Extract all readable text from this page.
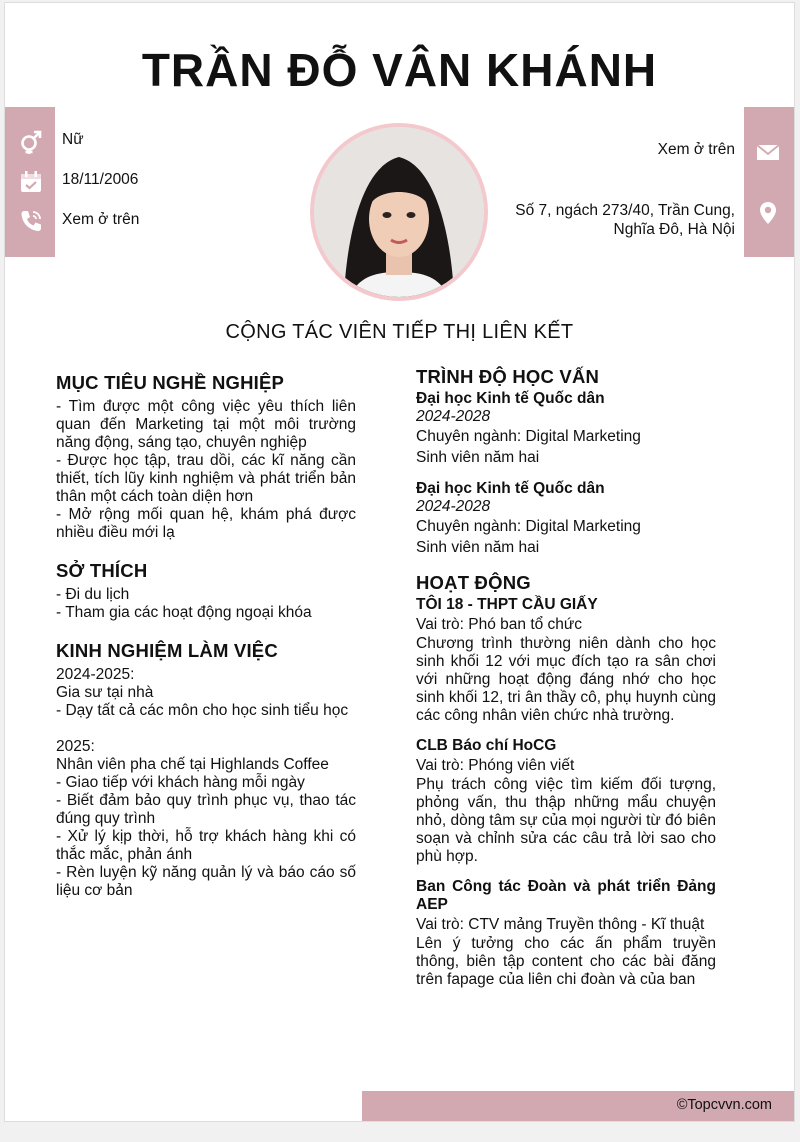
TRẦN ĐỖ VÂN KHÁNH
Nữ
18/11/2006
Xem ở trên
Xem ở trên
Số 7, ngách 273/40, Trần Cung,
Nghĩa Đô, Hà Nội
CỘNG TÁC VIÊN TIẾP THỊ LIÊN KẾT
MỤC TIÊU NGHỀ NGHIỆP
- Tìm được một công việc yêu thích liên quan đến Marketing tại một môi trường năng động, sáng tạo, chuyên nghiệp
- Được học tập, trau dồi, các kĩ năng cần thiết, tích lũy kinh nghiệm và phát triển bản thân một cách toàn diện hơn
- Mở rộng mối quan hệ, khám phá được nhiều điều mới lạ
SỞ THÍCH
- Đi du lịch
- Tham gia các hoạt động ngoại khóa
KINH NGHIỆM LÀM VIỆC
2024-2025:
Gia sư tại nhà
- Dạy tất cả các môn cho học sinh tiểu học
2025:
Nhân viên pha chế tại Highlands Coffee
- Giao tiếp với khách hàng mỗi ngày
- Biết đảm bảo quy trình phục vụ, thao tác đúng quy trình
- Xử lý kịp thời, hỗ trợ khách hàng khi có thắc mắc, phản ánh
- Rèn luyện kỹ năng quản lý và báo cáo số liệu cơ bản
TRÌNH ĐỘ HỌC VẤN
Đại học Kinh tế Quốc dân
2024-2028
Chuyên ngành: Digital Marketing
Sinh viên năm hai
Đại học Kinh tế Quốc dân
2024-2028
Chuyên ngành: Digital Marketing
Sinh viên năm hai
HOẠT ĐỘNG
TÔI 18 - THPT CẦU GIẤY
Vai trò: Phó ban tổ chức
Chương trình thường niên dành cho học sinh khối 12 với mục đích tạo ra sân chơi với những hoạt động đáng nhớ cho học sinh khối 12, tri ân thầy cô, phụ huynh cùng các công nhân viên chức nhà trường.
CLB Báo chí HoCG
Vai trò: Phóng viên viết
Phụ trách công việc tìm kiếm đối tượng, phỏng vấn, thu thập những mẩu chuyện nhỏ, dòng tâm sự của mọi người từ đó biên soạn và chỉnh sửa các câu trả lời sao cho phù hợp.
Ban Công tác Đoàn và phát triển Đảng AEP
Vai trò: CTV mảng Truyền thông - Kĩ thuật
Lên ý tưởng cho các ấn phẩm truyền thông, biên tập content cho các bài đăng trên fapage của liên chi đoàn và của ban
©Topcvvn.com
